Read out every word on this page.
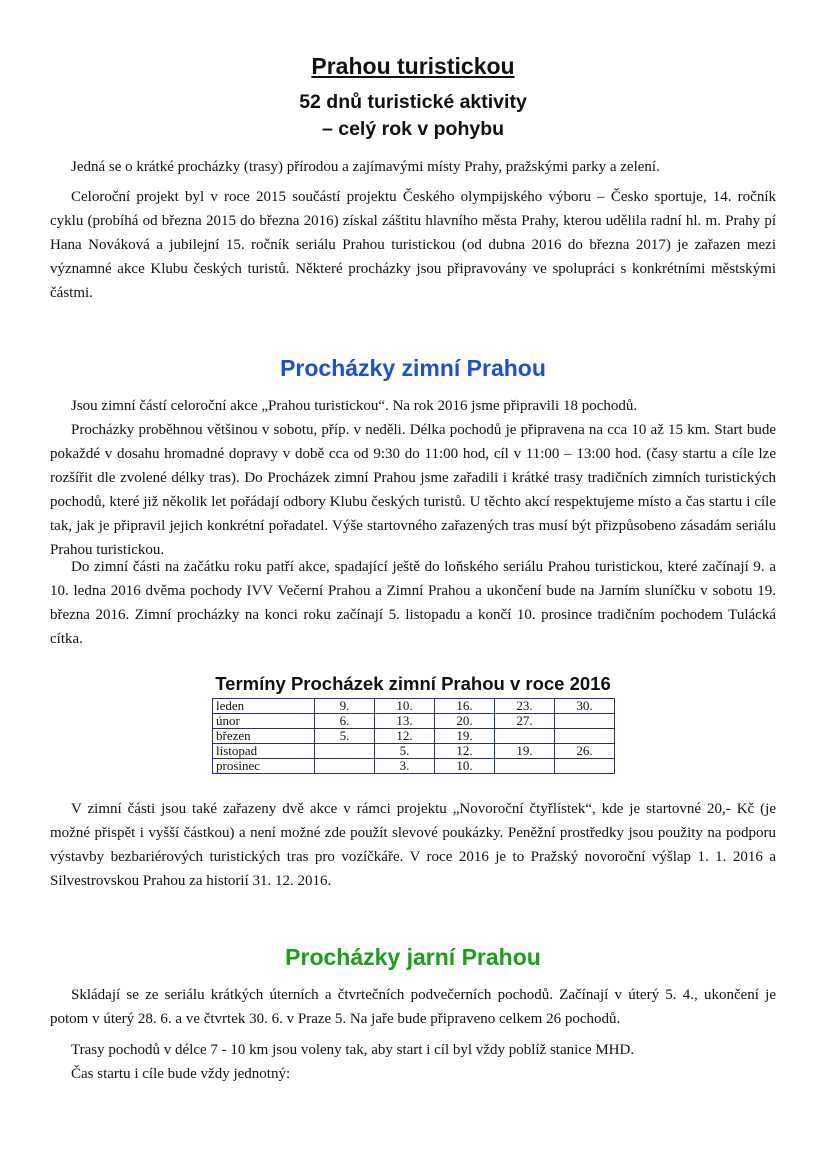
Prahou turistickou
52 dnů turistické aktivity
– celý rok v pohybu

Jedná se o krátké procházky (trasy) přírodou a zajímavými místy Prahy, pražskými parky a zelení.

Celoroční projekt byl v roce 2015 součástí projektu Českého olympijského výboru – Česko sportuje, 14. ročník cyklu (probíhá od března 2015 do března 2016) získal záštitu hlavního města Prahy, kterou udělila radní hl. m. Prahy pí Hana Nováková a jubilejní 15. ročník seriálu Prahou turistickou (od dubna 2016 do března 2017) je zařazen mezi významné akce Klubu českých turistů. Některé procházky jsou připravovány ve spolupráci s konkrétními městskými částmi.

Procházky zimní Prahou

Jsou zimní částí celoroční akce „Prahou turistickou“. Na rok 2016 jsme připravili 18 pochodů.

Procházky proběhnou většinou v sobotu, příp. v neděli. Délka pochodů je připravena na cca 10 až 15 km. Start bude pokaždé v dosahu hromadné dopravy v době cca od 9:30 do 11:00 hod, cíl v 11:00 – 13:00 hod. (časy startu a cíle lze rozšířit dle zvolené délky tras). Do Procházek zimní Prahou jsme zařadili i krátké trasy tradičních zimních turistických pochodů, které již několik let pořádají odbory Klubu českých turistů. U těchto akcí respektujeme místo a čas startu i cíle tak, jak je připravil jejich konkrétní pořadatel. Výše startovného zařazených tras musí být přizpůsobeno zásadám seriálu Prahou turistickou.

Do zimní části na začátku roku patří akce, spadající ještě do loňského seriálu Prahou turistickou, které začínají 9. a 10. ledna 2016 dvěma pochody IVV Večerní Prahou a Zimní Prahou a ukončení bude na Jarním sluníčku v sobotu 19. března 2016. Zimní procházky na konci roku začínají 5. listopadu a končí 10. prosince tradičním pochodem Tulácká cítka.

Termíny Procházek zimní Prahou v roce 2016
leden	9.	10.	16.	23.	30.
únor	6.	13.	20.	27.	
březen	5.	12.	19.		
listopad		5.	12.	19.	26.
prosinec		3.	10.		

V zimní části jsou také zařazeny dvě akce v rámci projektu „Novoroční čtyřlístek“, kde je startovné 20,- Kč (je možné přispět i vyšší částkou) a není možné zde použít slevové poukázky. Peněžní prostředky jsou použity na podporu výstavby bezbariérových turistických tras pro vozíčkáře. V roce 2016 je to Pražský novoroční výšlap 1. 1. 2016 a Silvestrovskou Prahou za historií 31. 12. 2016.

Procházky jarní Prahou

Skládají se ze seriálu krátkých úterních a čtvrtečních podvečerních pochodů. Začínají v úterý 5. 4., ukončení je potom v úterý 28. 6. a ve čtvrtek 30. 6. v Praze 5. Na jaře bude připraveno celkem 26 pochodů.

Trasy pochodů v délce 7 - 10 km jsou voleny tak, aby start i cíl byl vždy poblíž stanice MHD.

Čas startu i cíle bude vždy jednotný:
